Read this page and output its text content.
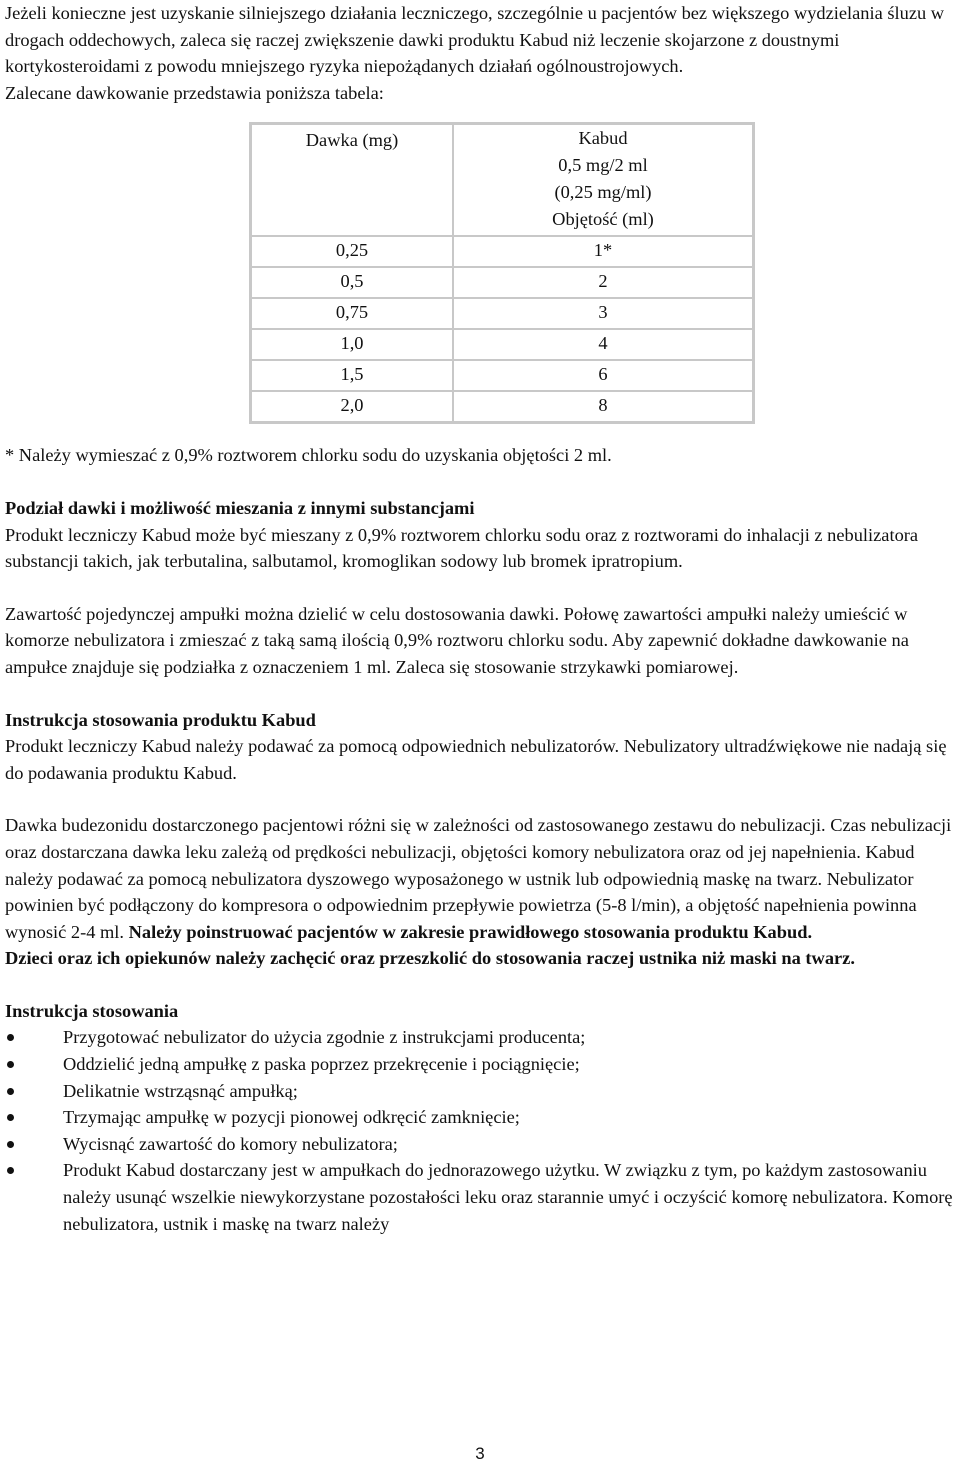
Jeżeli konieczne jest uzyskanie silniejszego działania leczniczego, szczególnie u pacjentów bez większego wydzielania śluzu w drogach oddechowych, zaleca się raczej zwiększenie dawki produktu Kabud niż leczenie skojarzone z doustnymi kortykosteroidami z powodu mniejszego ryzyka niepożądanych działań ogólnoustrojowych.

Zalecane dawkowanie przedstawia poniższa tabela:

Dawka (mg)	Kabud
0,5 mg/2 ml
(0,25 mg/ml)
Objętość (ml)

0,25	1*
0,5	2
0,75	3
1,0	4
1,5	6
2,0	8

* Należy wymieszać z 0,9% roztworem chlorku sodu do uzyskania objętości 2 ml.

Podział dawki i możliwość mieszania z innymi substancjami

Produkt leczniczy Kabud może być mieszany z 0,9% roztworem chlorku sodu oraz z roztworami do inhalacji z nebulizatora substancji takich, jak terbutalina, salbutamol, kromoglikan sodowy lub bromek ipratropium.

Zawartość pojedynczej ampułki można dzielić w celu dostosowania dawki. Połowę zawartości ampułki należy umieścić w komorze nebulizatora i zmieszać z taką samą ilością 0,9% roztworu chlorku sodu. Aby zapewnić dokładne dawkowanie na ampułce znajduje się podziałka z oznaczeniem 1 ml. Zaleca się stosowanie strzykawki pomiarowej.

Instrukcja stosowania produktu Kabud

Produkt leczniczy Kabud należy podawać za pomocą odpowiednich nebulizatorów. Nebulizatory ultradźwiękowe nie nadają się do podawania produktu Kabud.

Dawka budezonidu dostarczonego pacjentowi różni się w zależności od zastosowanego zestawu do nebulizacji. Czas nebulizacji oraz dostarczana dawka leku zależą od prędkości nebulizacji, objętości komory nebulizatora oraz od jej napełnienia. Kabud należy podawać za pomocą nebulizatora dyszowego wyposażonego w ustnik lub odpowiednią maskę na twarz. Nebulizator powinien być podłączony do kompresora o odpowiednim przepływie powietrza (5-8 l/min), a objętość napełnienia powinna wynosić 2-4 ml. Należy poinstruować pacjentów w zakresie prawidłowego stosowania produktu Kabud.

Dzieci oraz ich opiekunów należy zachęcić oraz przeszkolić do stosowania raczej ustnika niż maski na twarz.

Instrukcja stosowania

Przygotować nebulizator do użycia zgodnie z instrukcjami producenta;
Oddzielić jedną ampułkę z paska poprzez przekręcenie i pociągnięcie;
Delikatnie wstrząsnąć ampułką;
Trzymając ampułkę w pozycji pionowej odkręcić zamknięcie;
Wycisnąć zawartość do komory nebulizatora;
Produkt Kabud dostarczany jest w ampułkach do jednorazowego użytku. W związku z tym, po każdym zastosowaniu należy usunąć wszelkie niewykorzystane pozostałości leku oraz starannie umyć i oczyścić komorę nebulizatora. Komorę nebulizatora, ustnik i maskę na twarz należy
3
